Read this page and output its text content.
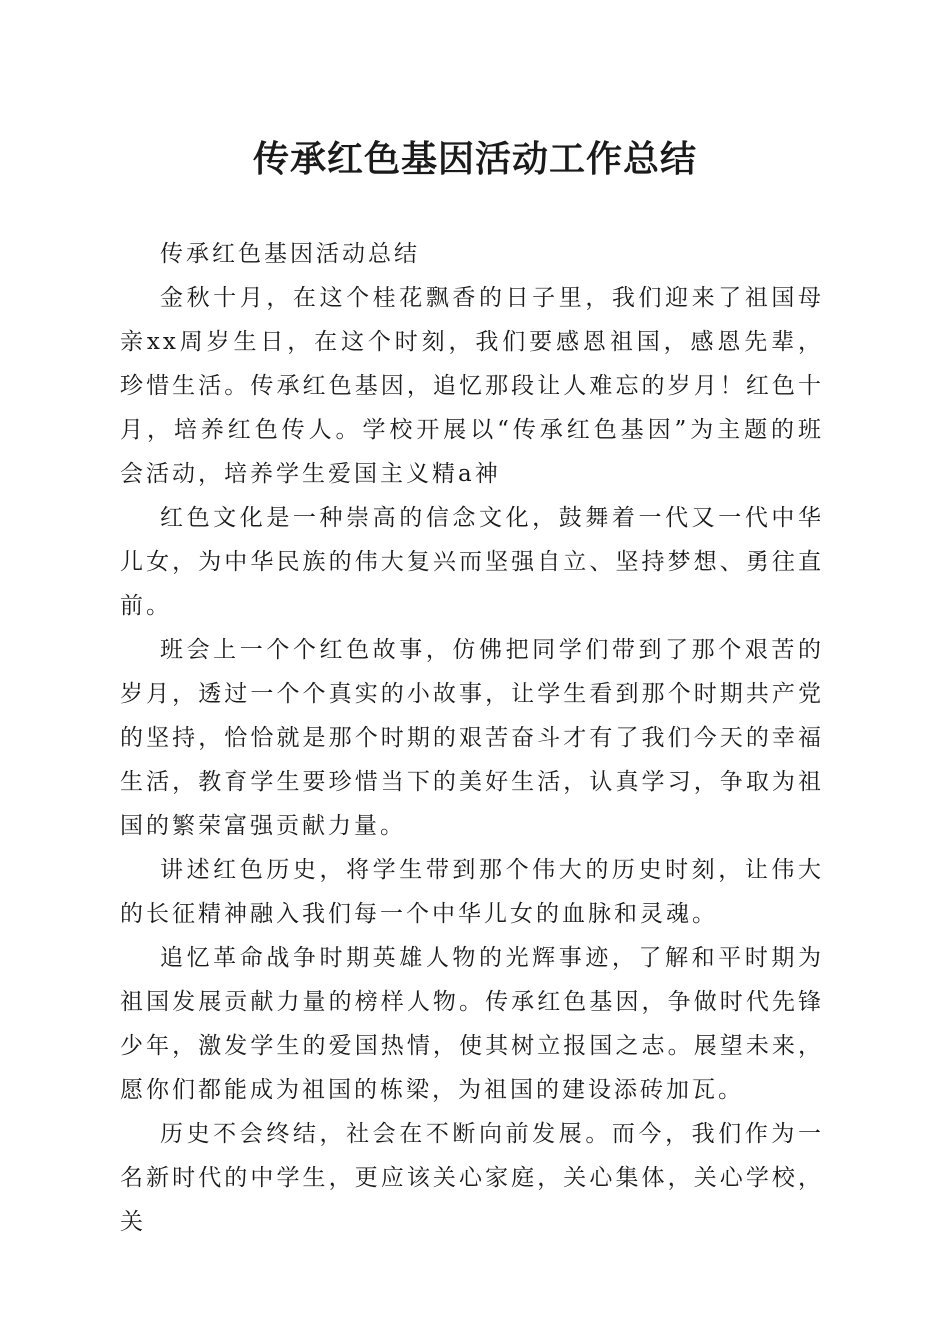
传承红色基因活动工作总结

传承红色基因活动总结

金秋十月，在这个桂花飘香的日子里，我们迎来了祖国母亲xx周岁生日，在这个时刻，我们要感恩祖国，感恩先辈，珍惜生活。传承红色基因，追忆那段让人难忘的岁月！红色十月，培养红色传人。学校开展以“传承红色基因”为主题的班会活动，培养学生爱国主义精a神

红色文化是一种崇高的信念文化，鼓舞着一代又一代中华儿女，为中华民族的伟大复兴而坚强自立、坚持梦想、勇往直前。

班会上一个个红色故事，仿佛把同学们带到了那个艰苦的岁月，透过一个个真实的小故事，让学生看到那个时期共产党的坚持，恰恰就是那个时期的艰苦奋斗才有了我们今天的幸福生活，教育学生要珍惜当下的美好生活，认真学习，争取为祖国的繁荣富强贡献力量。

讲述红色历史，将学生带到那个伟大的历史时刻，让伟大的长征精神融入我们每一个中华儿女的血脉和灵魂。

追忆革命战争时期英雄人物的光辉事迹，了解和平时期为祖国发展贡献力量的榜样人物。传承红色基因，争做时代先锋少年，激发学生的爱国热情，使其树立报国之志。展望未来，愿你们都能成为祖国的栋梁，为祖国的建设添砖加瓦。

历史不会终结，社会在不断向前发展。而今，我们作为一名新时代的中学生，更应该关心家庭，关心集体，关心学校，关
